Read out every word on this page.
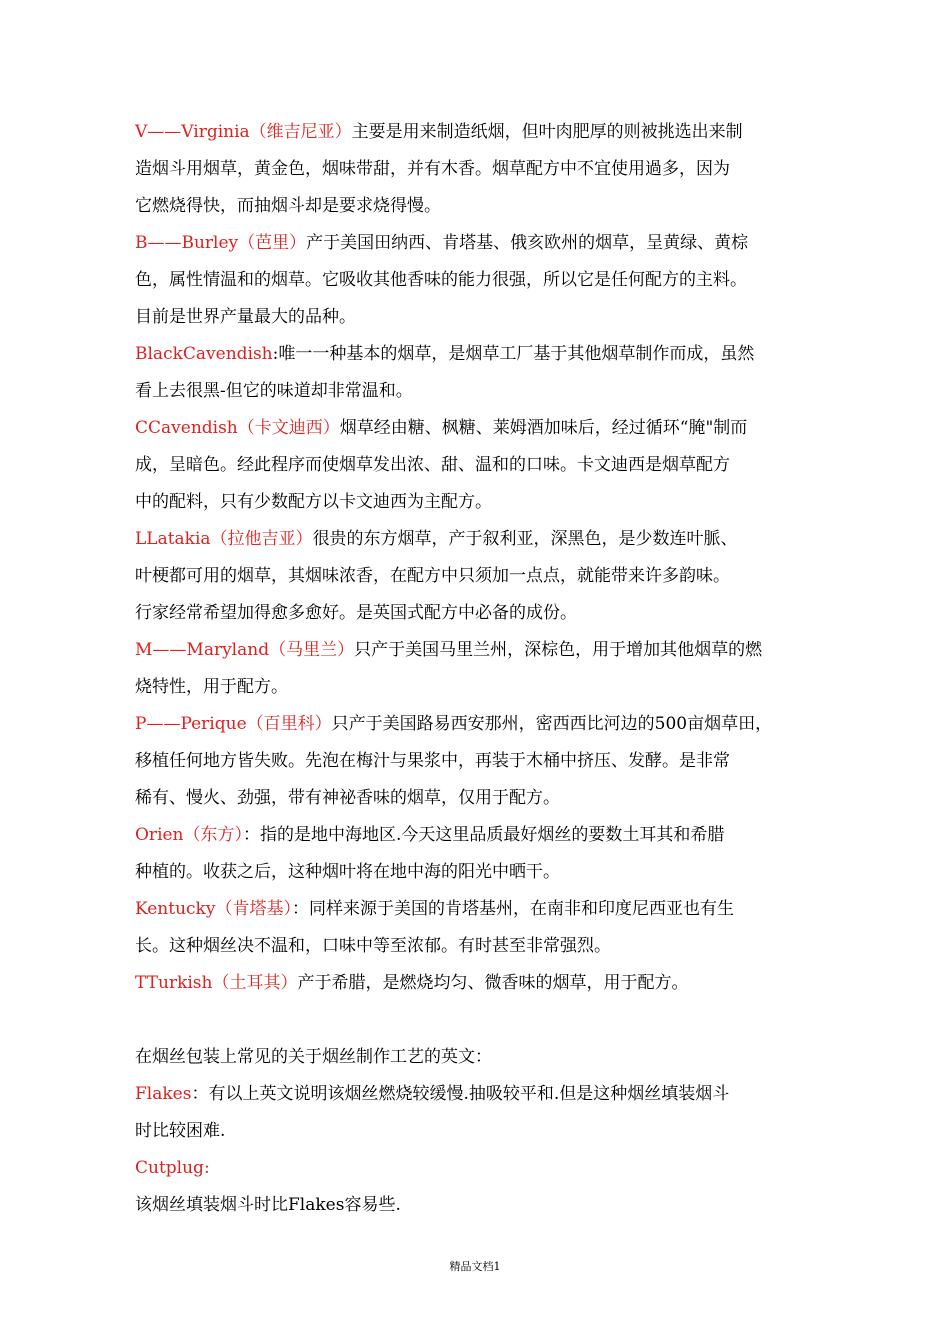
V——Virginia（维吉尼亚）主要是用来制造纸烟，但叶肉肥厚的则被挑选出来制
造烟斗用烟草，黄金色，烟味带甜，并有木香。烟草配方中不宜使用過多，因为
它燃烧得快，而抽烟斗却是要求烧得慢。

B——Burley（芭里）产于美国田纳西、肯塔基、俄亥欧州的烟草，呈黄绿、黄棕
色，属性情温和的烟草。它吸收其他香味的能力很强，所以它是任何配方的主料。
目前是世界产量最大的品种。

BlackCavendish:唯一一种基本的烟草，是烟草工厂基于其他烟草制作而成，虽然
看上去很黑-但它的味道却非常温和。

CCavendish（卡文迪西）烟草经由糖、枫糖、莱姆酒加味后，经过循环“腌"制而
成，呈暗色。经此程序而使烟草发出浓、甜、温和的口味。卡文迪西是烟草配方
中的配料，只有少数配方以卡文迪西为主配方。

LLatakia（拉他吉亚）很贵的东方烟草，产于叙利亚，深黑色，是少数连叶脈、
叶梗都可用的烟草，其烟味浓香，在配方中只须加一点点，就能带来许多韵味。
行家经常希望加得愈多愈好。是英国式配方中必备的成份。

M——Maryland（马里兰）只产于美国马里兰州，深棕色，用于增加其他烟草的燃
烧特性，用于配方。

P——Perique（百里科）只产于美国路易西安那州，密西西比河边的500亩烟草田，
移植任何地方皆失败。先泡在梅汁与果浆中，再装于木桶中挤压、发酵。是非常
稀有、慢火、劲强，带有神祕香味的烟草，仅用于配方。

Orien（东方）：指的是地中海地区.今天这里品质最好烟丝的要数土耳其和希腊
种植的。收获之后，这种烟叶将在地中海的阳光中晒干。

Kentucky（肯塔基）：同样来源于美国的肯塔基州，在南非和印度尼西亚也有生
长。这种烟丝决不温和，口味中等至浓郁。有时甚至非常强烈。

TTurkish（土耳其）产于希腊，是燃烧均匀、微香味的烟草，用于配方。

在烟丝包装上常见的关于烟丝制作工艺的英文：

Flakes：有以上英文说明该烟丝燃烧较缓慢.抽吸较平和.但是这种烟丝填装烟斗
时比较困难.

Cutplug:

该烟丝填装烟斗时比Flakes容易些.

精品文档1
